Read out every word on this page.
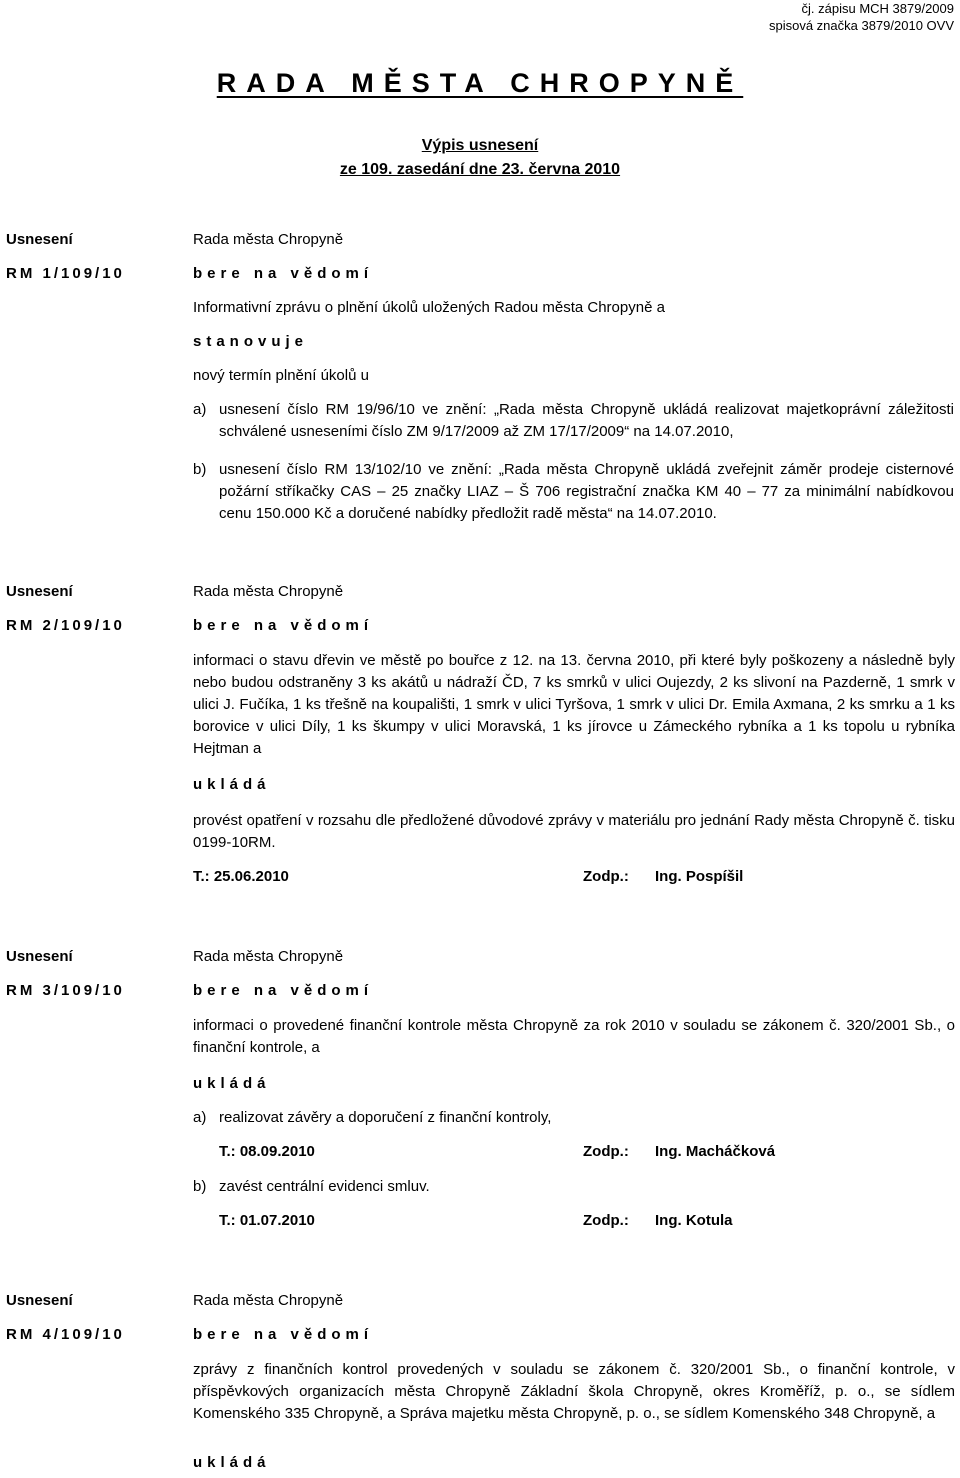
čj. zápisu MCH 3879/2009
spisová značka 3879/2010 OVV
RADA MĚSTA CHROPYNĚ
Výpis usnesení
ze 109. zasedání dne 23. června 2010
Usnesení
RM 1/109/10
Rada města Chropyně
bere na vědomí
Informativní zprávu o plnění úkolů uložených Radou města Chropyně a
stanovuje
nový termín plnění úkolů u
a) usnesení číslo RM 19/96/10 ve znění: „Rada města Chropyně ukládá realizovat majetkoprávní záležitosti schválené usneseními číslo ZM 9/17/2009 až ZM 17/17/2009“ na 14.07.2010,
b) usnesení číslo RM 13/102/10 ve znění: „Rada města Chropyně ukládá zveřejnit záměr prodeje cisternové požární stříkačky CAS – 25 značky LIAZ – Š 706 registrační značka KM 40 – 77 za minimální nabídkovou cenu 150.000 Kč a doručené nabídky předložit radě města“ na 14.07.2010.
Usnesení
RM 2/109/10
Rada města Chropyně
bere na vědomí
informaci o stavu dřevin ve městě po bouřce z 12. na 13. června 2010, při které byly poškozeny a následně byly nebo budou odstraněny 3 ks akátů u nádraží ČD, 7 ks smrků v ulici Oujezdy, 2 ks slivoní na Pazderně, 1 smrk v ulici J. Fučíka, 1 ks třešně na koupališti, 1 smrk v ulici Tyršova, 1 smrk v ulici Dr. Emila Axmana, 2 ks smrku a 1 ks borovice v ulici Díly, 1 ks škumpy v ulici Moravská, 1 ks jírovce u Zámeckého rybníka a 1 ks topolu u rybníka Hejtman a
ukládá
provést opatření v rozsahu dle předložené důvodové zprávy v materiálu pro jednání Rady města Chropyně č. tisku 0199-10RM.
T.: 25.06.2010	Zodp.: Ing. Pospíšil
Usnesení
RM 3/109/10
Rada města Chropyně
bere na vědomí
informaci o provedené finanční kontrole města Chropyně za rok 2010 v souladu se zákonem č. 320/2001 Sb., o finanční kontrole, a
ukládá
a) realizovat závěry a doporučení z finanční kontroly,
T.: 08.09.2010	Zodp.: Ing. Macháčková
b) zavést centrální evidenci smluv.
T.: 01.07.2010	Zodp.: Ing. Kotula
Usnesení
RM 4/109/10
Rada města Chropyně
bere na vědomí
zprávy z finančních kontrol provedených v souladu se zákonem č. 320/2001 Sb., o finanční kontrole, v příspěvkových organizacích města Chropyně Základní škola Chropyně, okres Kroměříž, p. o., se sídlem Komenského 335 Chropyně, a Správa majetku města Chropyně, p. o., se sídlem Komenského 348 Chropyně, a
ukládá
